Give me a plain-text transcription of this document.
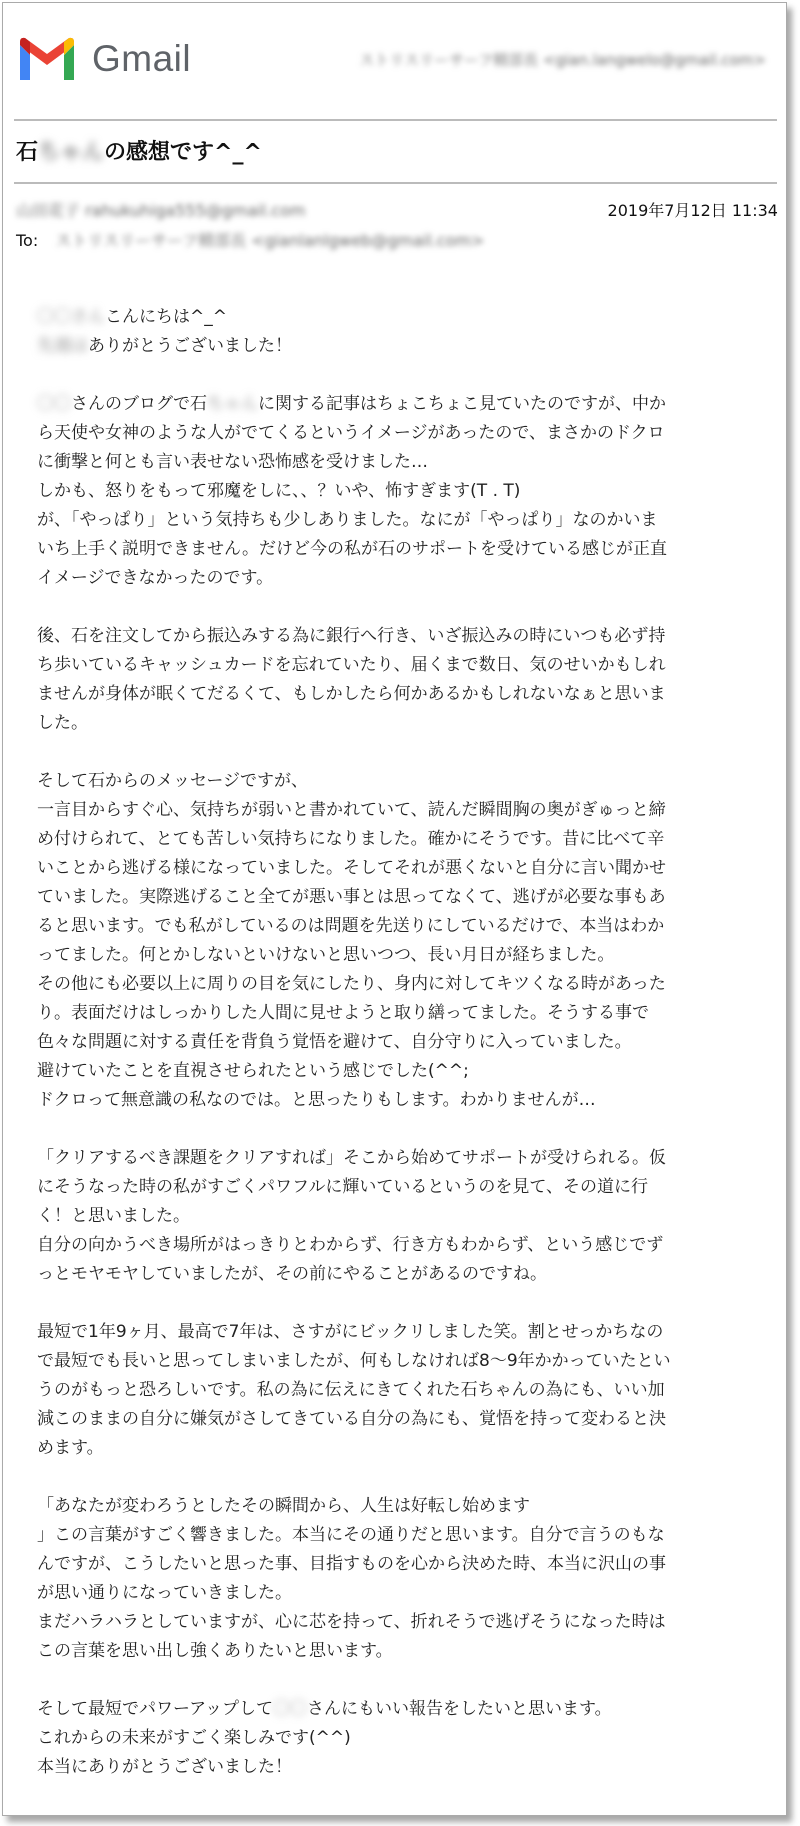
Gmail	ストリスリーサーフ精部長 <gian.langwelo@gmail.com>
石ちゃんの感想です^_^
山田花子 rahukuhiga555@gmail.com	2019年7月12日 11:34
To: ストリスリーサーフ精部長 <gianlanlgweb@gmail.com>
〇〇さんこんにちは^_^
先週はありがとうございました！
〇〇さんのブログで石ちゃんに関する記事はちょこちょこ見ていたのですが、中か
ら天使や女神のような人がでてくるというイメージがあったので、まさかのドクロ
に衝撃と何とも言い表せない恐怖感を受けました…
しかも、怒りをもって邪魔をしに、、？いや、怖すぎます(T . T)
が、「やっぱり」という気持ちも少しありました。なにが「やっぱり」なのかいま
いち上手く説明できません。だけど今の私が石のサポートを受けている感じが正直
イメージできなかったのです。
後、石を注文してから振込みする為に銀行へ行き、いざ振込みの時にいつも必ず持
ち歩いているキャッシュカードを忘れていたり、届くまで数日、気のせいかもしれ
ませんが身体が眠くてだるくて、もしかしたら何かあるかもしれないなぁと思いま
した。
そして石からのメッセージですが、
一言目からすぐ心、気持ちが弱いと書かれていて、読んだ瞬間胸の奥がぎゅっと締
め付けられて、とても苦しい気持ちになりました。確かにそうです。昔に比べて辛
いことから逃げる様になっていました。そしてそれが悪くないと自分に言い聞かせ
ていました。実際逃げること全てが悪い事とは思ってなくて、逃げが必要な事もあ
ると思います。でも私がしているのは問題を先送りにしているだけで、本当はわか
ってました。何とかしないといけないと思いつつ、長い月日が経ちました。
その他にも必要以上に周りの目を気にしたり、身内に対してキツくなる時があった
り。表面だけはしっかりした人間に見せようと取り繕ってました。そうする事で
色々な問題に対する責任を背負う覚悟を避けて、自分守りに入っていました。
避けていたことを直視させられたという感じでした(^^;
ドクロって無意識の私なのでは。と思ったりもします。わかりませんが…
「クリアするべき課題をクリアすれば」そこから始めてサポートが受けられる。仮
にそうなった時の私がすごくパワフルに輝いているというのを見て、その道に行
く！と思いました。
自分の向かうべき場所がはっきりとわからず、行き方もわからず、という感じでず
っとモヤモヤしていましたが、その前にやることがあるのですね。
最短で1年9ヶ月、最高で7年は、さすがにビックリしました笑。割とせっかちなの
で最短でも長いと思ってしまいましたが、何もしなければ8〜9年かかっていたとい
うのがもっと恐ろしいです。私の為に伝えにきてくれた石ちゃんの為にも、いい加
減このままの自分に嫌気がさしてきている自分の為にも、覚悟を持って変わると決
めます。
「あなたが変わろうとしたその瞬間から、人生は好転し始めます
」この言葉がすごく響きました。本当にその通りだと思います。自分で言うのもな
んですが、こうしたいと思った事、目指すものを心から決めた時、本当に沢山の事
が思い通りになっていきました。
まだハラハラとしていますが、心に芯を持って、折れそうで逃げそうになった時は
この言葉を思い出し強くありたいと思います。
そして最短でパワーアップして〇〇さんにもいい報告をしたいと思います。
これからの未来がすごく楽しみです(^^)
本当にありがとうございました！
